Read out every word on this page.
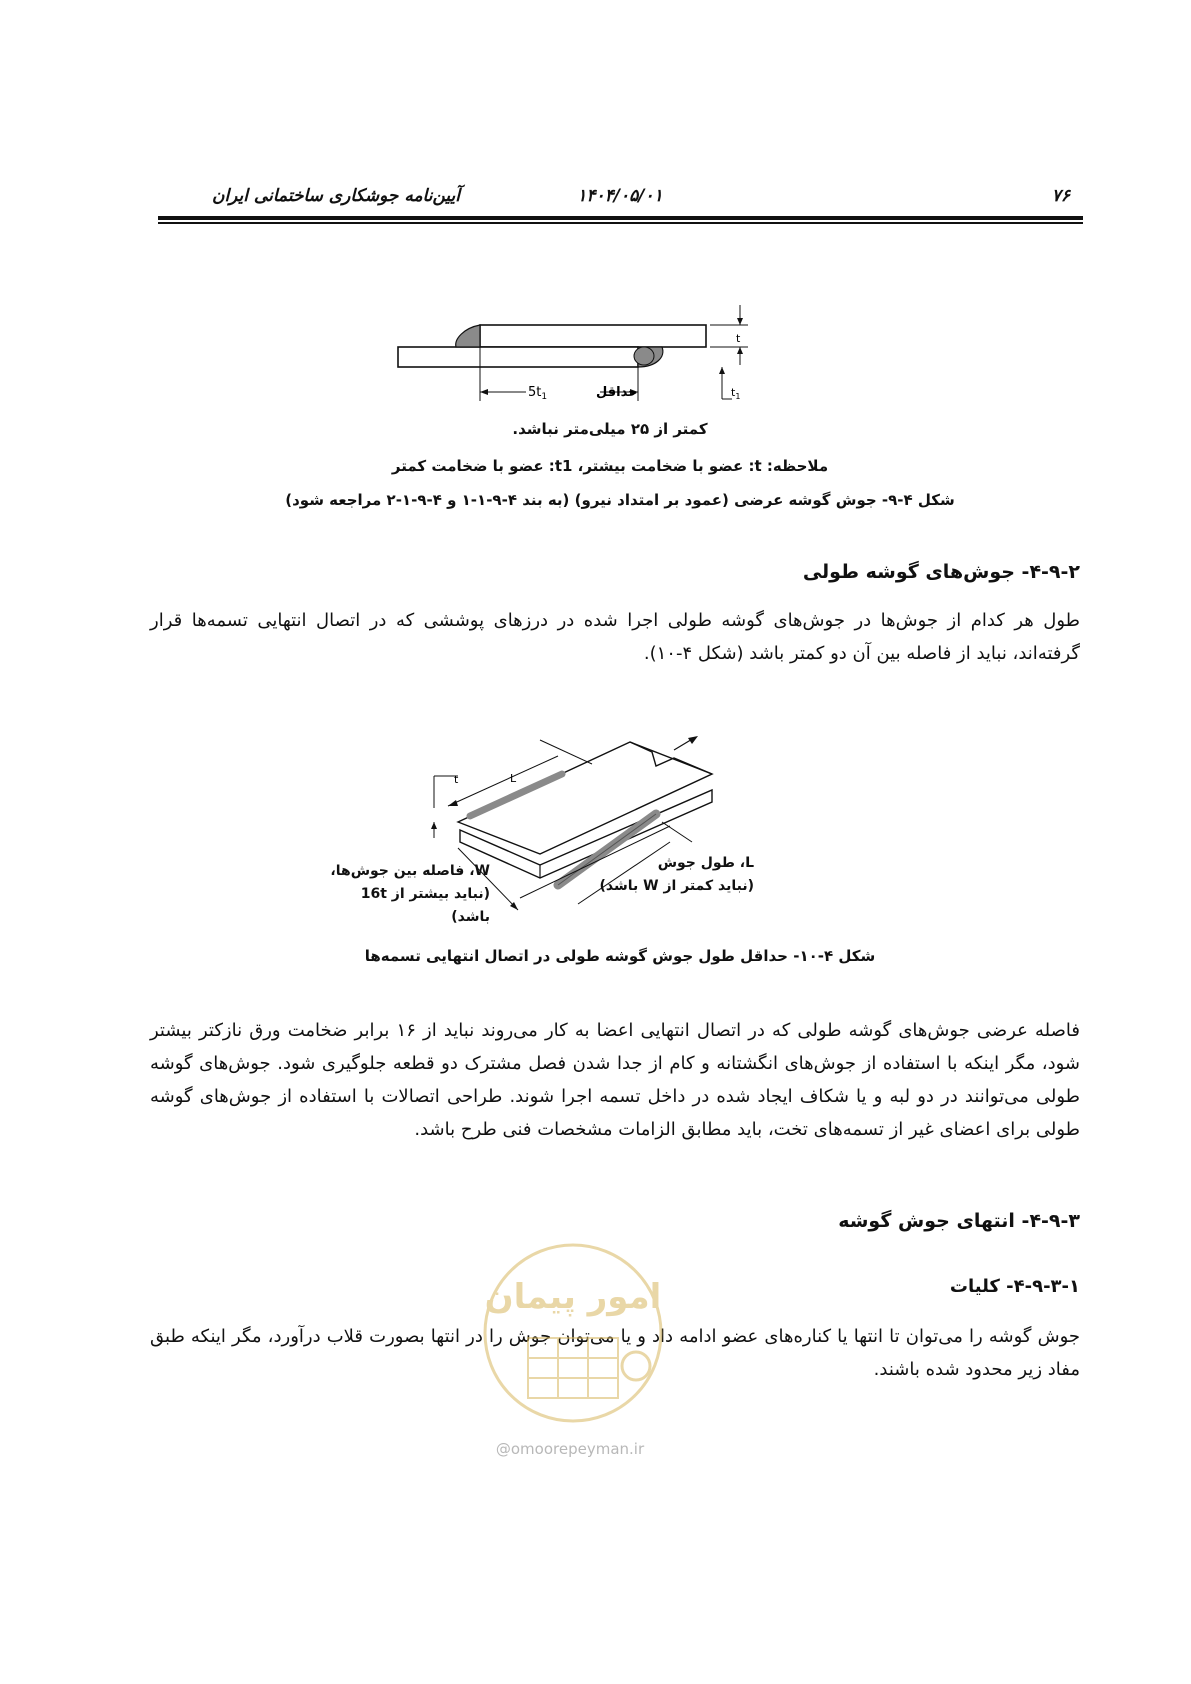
آیین‌نامه جوشکاری ساختمانی ایران	۱۴۰۴/۰۵/۰۱	۷۶
t
$t_1$
$5t_1$	حداقل
کمتر از ۲۵ میلی‌متر نباشد.
ملاحظه: t: عضو با ضخامت بیشتر، t1: عضو با ضخامت کمتر
شکل ۴-۹- جوش گوشه عرضی (عمود بر امتداد نیرو) (به بند ۴-۹-۱-۱ و ۴-۹-۱-۲ مراجعه شود)
۴-۹-۲- جوش‌های گوشه طولی
طول هر کدام از جوش‌ها در جوش‌های گوشه طولی اجرا شده در درزهای پوششی که در اتصال انتهایی تسمه‌ها قرار گرفته‌اند، نباید از فاصله بین آن دو کمتر باشد (شکل ۴-۱۰).
L
t
W، فاصله بین جوش‌ها،
(نباید بیشتر از 16t باشد)
L، طول جوش
(نباید کمتر از W باشد)
شکل ۴-۱۰- حداقل طول جوش گوشه طولی در اتصال انتهایی تسمه‌ها
فاصله عرضی جوش‌های گوشه طولی که در اتصال انتهایی اعضا به کار می‌روند نباید از ۱۶ برابر ضخامت ورق نازکتر بیشتر شود، مگر اینکه با استفاده از جوش‌های انگشتانه و کام از جدا شدن فصل مشترک دو قطعه جلوگیری شود. جوش‌های گوشه طولی می‌توانند در دو لبه و یا شکاف ایجاد شده در داخل تسمه اجرا شوند. طراحی اتصالات با استفاده از جوش‌های گوشه طولی برای اعضای غیر از تسمه‌های تخت، باید مطابق الزامات مشخصات فنی طرح باشد.
۴-۹-۳- انتهای جوش گوشه
۴-۹-۳-۱- کلیات
جوش گوشه را می‌توان تا انتها یا کناره‌های عضو ادامه داد و یا می‌توان جوش را در انتها بصورت قلاب درآورد، مگر اینکه طبق مفاد زیر محدود شده باشند.
امور پیمان
@omoorepeyman.ir
